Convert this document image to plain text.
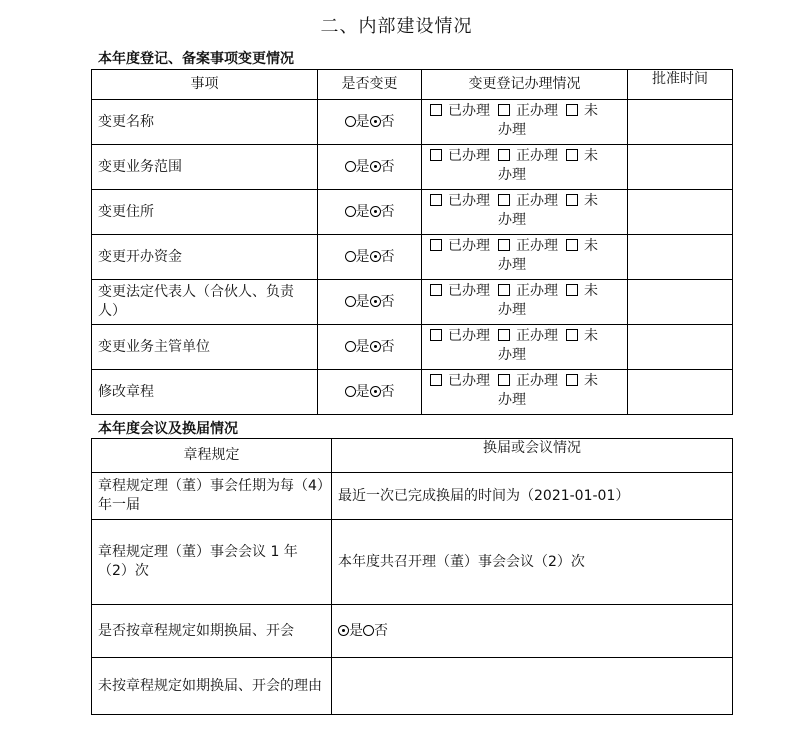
二、内部建设情况
本年度登记、备案事项变更情况
事项	是否变更	变更登记办理情况	批准时间
变更名称	是 否	已办理 正办理 未
办理	

变更业务范围	是 否	已办理 正办理 未
办理	

变更住所	是 否	已办理 正办理 未
办理	

变更开办资金	是 否	已办理 正办理 未
办理	

变更法定代表人（合伙人、负责人）	是 否	已办理 正办理 未
办理	

变更业务主管单位	是 否	已办理 正办理 未
办理	

修改章程	是 否	已办理 正办理 未
办理	

本年度会议及换届情况
章程规定	换届或会议情况
章程规定理（董）事会任期为每（4）年一届	最近一次已完成换届的时间为（2021-01-01）
章程规定理（董）事会会议 1 年（2）次	本年度共召开理（董）事会会议（2）次
是否按章程规定如期换届、开会	是 否
未按章程规定如期换届、开会的理由	
